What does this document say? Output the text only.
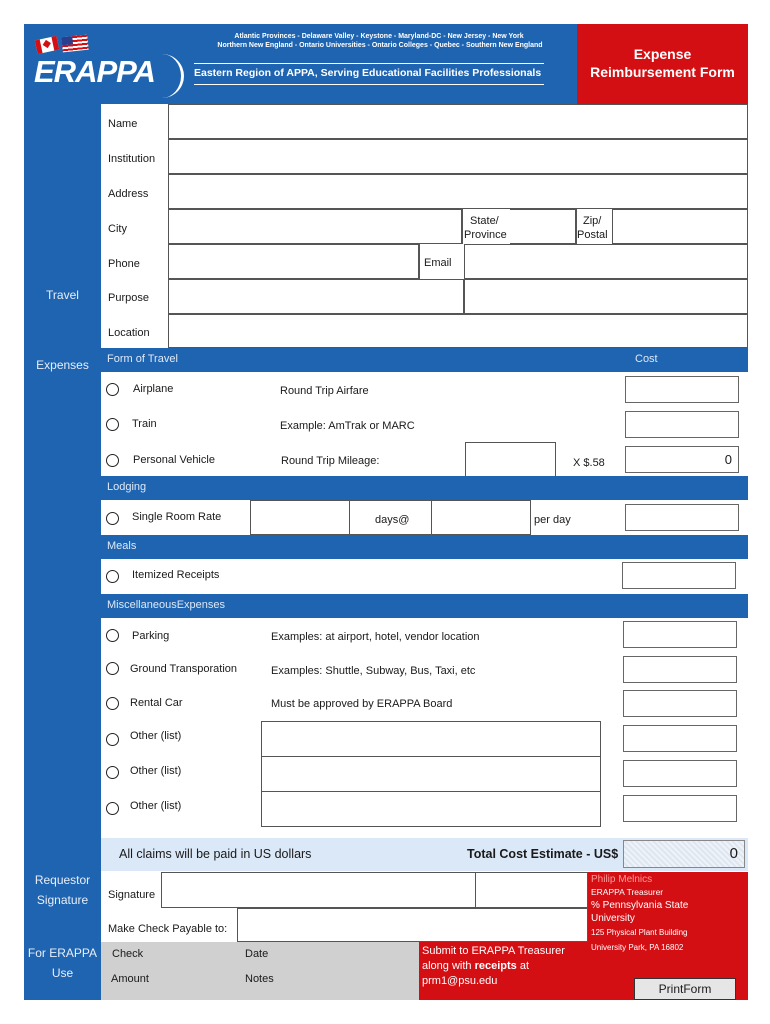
ERAPPA
Atlantic Provinces - Delaware Valley - Keystone - Maryland-DC - New Jersey - New York
Northern New England - Ontario Universities - Ontario Colleges - Quebec - Southern New England
Eastern Region of APPA, Serving Educational Facilities Professionals
Expense
Reimbursement Form
Travel
Expenses
Requestor
Signature
For ERAPPA
Use
Name
Institution
Address
City
State/
Province
Zip/
Postal
Phone	Email
Purpose
Location
Form of Travel	Cost
Airplane	Round Trip Airfare
Train	Example: AmTrak or MARC
Personal Vehicle	Round Trip Mileage:	X $.58	0
Lodging
Single Room Rate	days@	per day
Meals
Itemized Receipts
MiscellaneousExpenses
Parking	Examples: at airport, hotel, vendor location
Ground Transporation	Examples: Shuttle, Subway, Bus, Taxi, etc
Rental Car	Must be approved by ERAPPA Board
Other (list)
Other (list)
Other (list)
All claims will be paid in US dollars	Total Cost Estimate - US$	0
Signature
Make Check Payable to:
Philip Melnics
ERAPPA Treasurer
% Pennsylvania State
University
125 Physical Plant Building
University Park, PA 16802
Check	Date
Amount	Notes
Submit to ERAPPA Treasurer
along with receipts at
prm1@psu.edu
PrintForm
